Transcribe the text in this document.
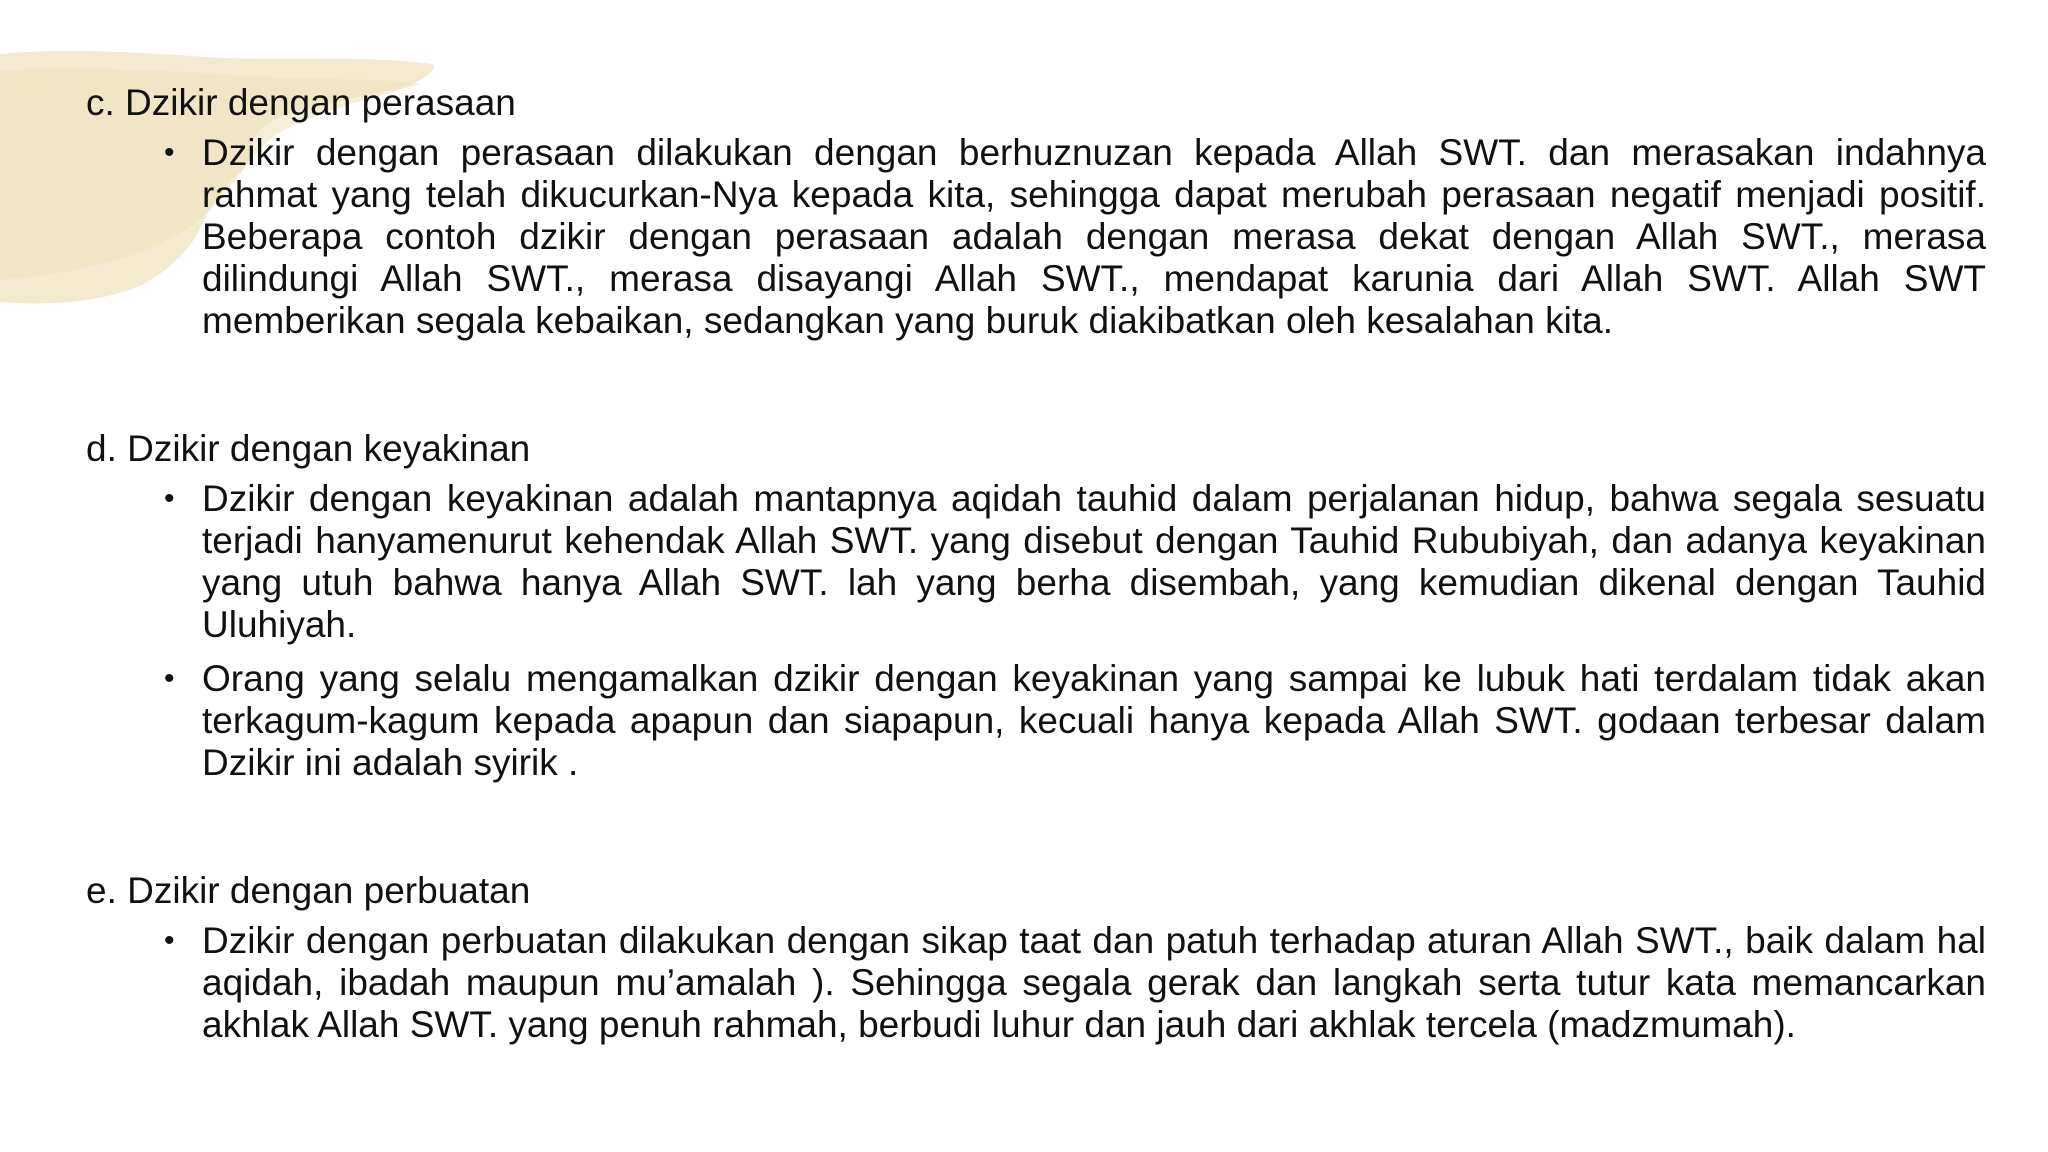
c. Dzikir dengan perasaan

• Dzikir dengan perasaan dilakukan dengan berhuznuzan kepada Allah SWT. dan merasakan indahnya rahmat yang telah dikucurkan-Nya kepada kita, sehingga dapat merubah perasaan negatif menjadi positif. Beberapa contoh dzikir dengan perasaan adalah dengan merasa dekat dengan Allah SWT., merasa dilindungi Allah SWT., merasa disayangi Allah SWT., mendapat karunia dari Allah SWT. Allah SWT memberikan segala kebaikan, sedangkan yang buruk diakibatkan oleh kesalahan kita.

d. Dzikir dengan keyakinan

• Dzikir dengan keyakinan adalah mantapnya aqidah tauhid dalam perjalanan hidup, bahwa segala sesuatu terjadi hanyamenurut kehendak Allah SWT. yang disebut dengan Tauhid Rububiyah, dan adanya keyakinan yang utuh bahwa hanya Allah SWT. lah yang berha disembah, yang kemudian dikenal dengan Tauhid Uluhiyah.
• Orang yang selalu mengamalkan dzikir dengan keyakinan yang sampai ke lubuk hati terdalam tidak akan terkagum-kagum kepada apapun dan siapapun, kecuali hanya kepada Allah SWT. godaan terbesar dalam Dzikir ini adalah syirik .

e. Dzikir dengan perbuatan

• Dzikir dengan perbuatan dilakukan dengan sikap taat dan patuh terhadap aturan Allah SWT., baik dalam hal aqidah, ibadah maupun mu’amalah ). Sehingga segala gerak dan langkah serta tutur kata memancarkan akhlak Allah SWT. yang penuh rahmah, berbudi luhur dan jauh dari akhlak tercela (madzmumah).
